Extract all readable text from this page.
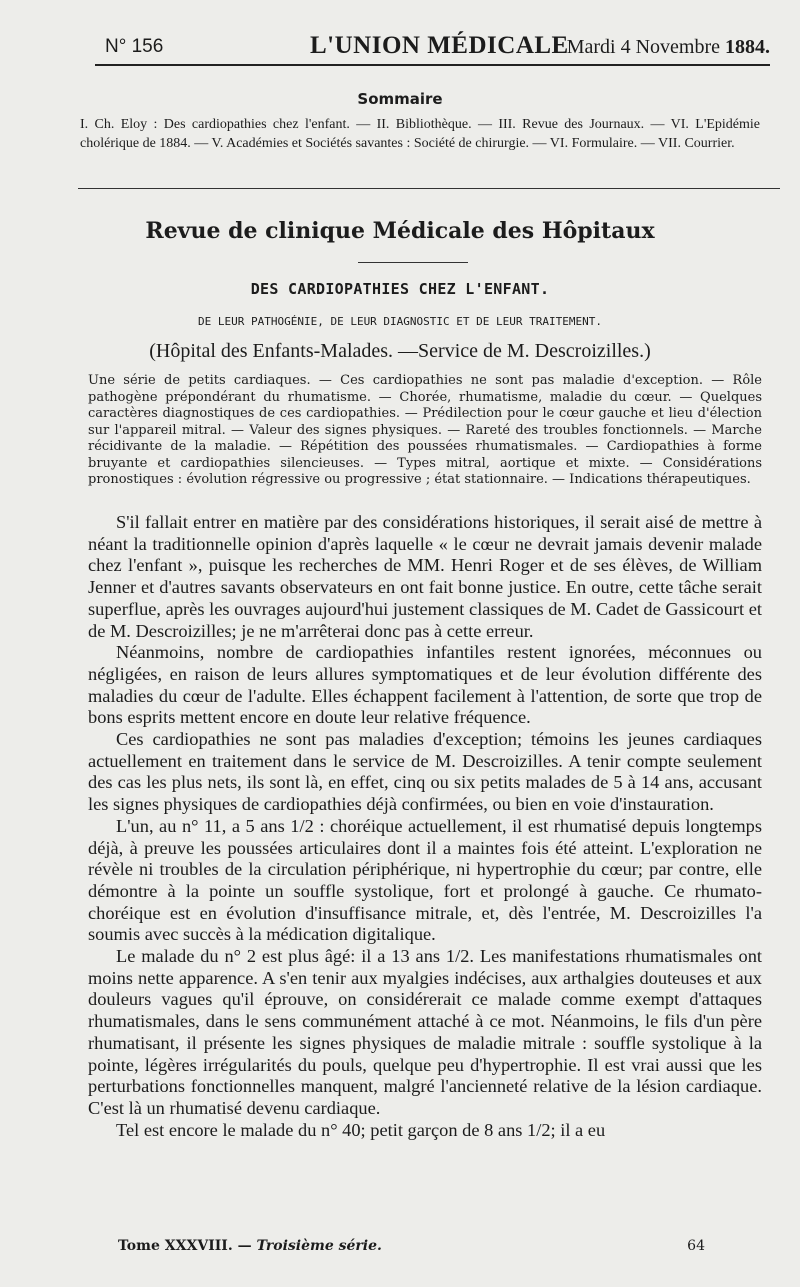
N° 156	L'UNION MÉDICALE
Mardi 4 Novembre 1884.
Sommaire
I. Ch. Eloy : Des cardiopathies chez l'enfant. — II. Bibliothèque. — III. Revue des Journaux. — VI. L'Epidémie cholérique de 1884. — V. Académies et Sociétés savantes : Société de chirurgie. — VI. Formulaire. — VII. Courrier.
Revue de clinique Médicale des Hôpitaux
DES CARDIOPATHIES CHEZ L'ENFANT.
DE LEUR PATHOGÉNIE, DE LEUR DIAGNOSTIC ET DE LEUR TRAITEMENT.
(Hôpital des Enfants-Malades. —Service de M. Descroizilles.)
Une série de petits cardiaques. — Ces cardiopathies ne sont pas maladie d'exception. — Rôle pathogène prépondérant du rhumatisme. — Chorée, rhumatisme, maladie du cœur. — Quelques caractères diagnostiques de ces cardiopathies. — Prédilection pour le cœur gauche et lieu d'élection sur l'appareil mitral. — Valeur des signes physiques. — Rareté des troubles fonctionnels. — Marche récidivante de la maladie. — Répétition des poussées rhumatismales. — Cardiopathies à forme bruyante et cardiopathies silencieuses. — Types mitral, aortique et mixte. — Considérations pronostiques : évolution régressive ou progressive ; état stationnaire. — Indications thérapeutiques.

S'il fallait entrer en matière par des considérations historiques, il serait aisé de mettre à néant la traditionnelle opinion d'après laquelle « le cœur ne devrait jamais devenir malade chez l'enfant », puisque les recherches de MM. Henri Roger et de ses élèves, de William Jenner et d'autres savants observateurs en ont fait bonne justice. En outre, cette tâche serait superflue, après les ouvrages aujourd'hui justement classiques de M. Cadet de Gassicourt et de M. Descroizilles; je ne m'arrêterai donc pas à cette erreur.

Néanmoins, nombre de cardiopathies infantiles restent ignorées, méconnues ou négligées, en raison de leurs allures symptomatiques et de leur évolution différente des maladies du cœur de l'adulte. Elles échappent facilement à l'attention, de sorte que trop de bons esprits mettent encore en doute leur relative fréquence.

Ces cardiopathies ne sont pas maladies d'exception; témoins les jeunes cardiaques actuellement en traitement dans le service de M. Descroizilles. A tenir compte seulement des cas les plus nets, ils sont là, en effet, cinq ou six petits malades de 5 à 14 ans, accusant les signes physiques de cardiopathies déjà confirmées, ou bien en voie d'instauration.

L'un, au n° 11, a 5 ans 1/2 : choréique actuellement, il est rhumatisé depuis longtemps déjà, à preuve les poussées articulaires dont il a maintes fois été atteint. L'exploration ne révèle ni troubles de la circulation périphérique, ni hypertrophie du cœur; par contre, elle démontre à la pointe un souffle systolique, fort et prolongé à gauche. Ce rhumato-choréique est en évolution d'insuffisance mitrale, et, dès l'entrée, M. Descroizilles l'a soumis avec succès à la médication digitalique.

Le malade du n° 2 est plus âgé: il a 13 ans 1/2. Les manifestations rhumatismales ont moins nette apparence. A s'en tenir aux myalgies indécises, aux arthalgies douteuses et aux douleurs vagues qu'il éprouve, on considérerait ce malade comme exempt d'attaques rhumatismales, dans le sens communément attaché à ce mot. Néanmoins, le fils d'un père rhumatisant, il présente les signes physiques de maladie mitrale : souffle systolique à la pointe, légères irrégularités du pouls, quelque peu d'hypertrophie. Il est vrai aussi que les perturbations fonctionnelles manquent, malgré l'ancienneté relative de la lésion cardiaque. C'est là un rhumatisé devenu cardiaque.

Tel est encore le malade du n° 40; petit garçon de 8 ans 1/2; il a eu

Tome XXXVIII. — Troisième série.	64
